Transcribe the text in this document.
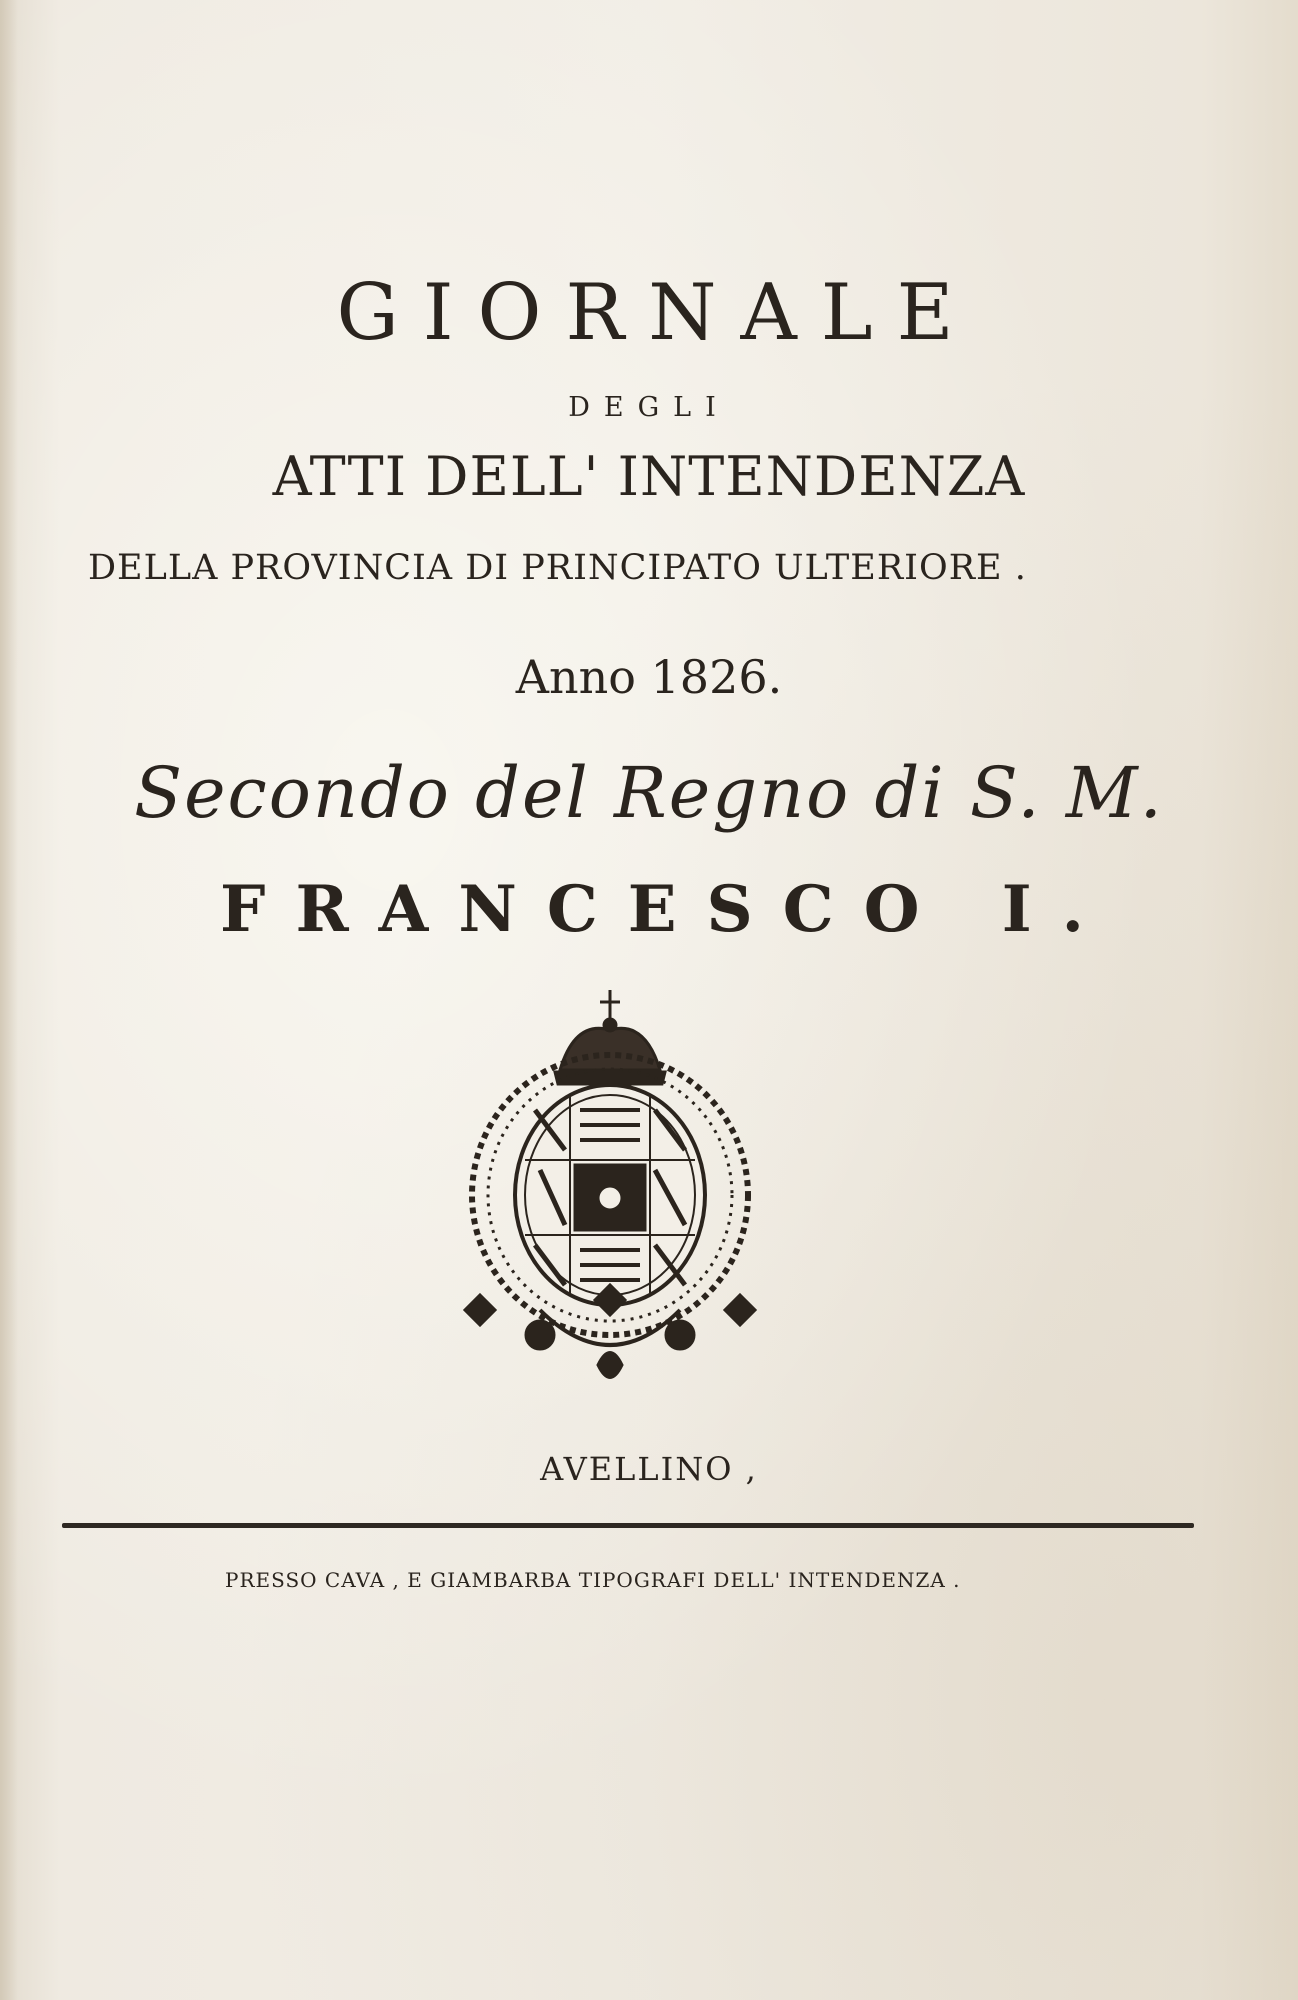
GIORNALE
DEGLI
ATTI DELL' INTENDENZA
DELLA PROVINCIA DI PRINCIPATO ULTERIORE .
Anno 1826.
Secondo del Regno di S. M.
FRANCESCO I.
AVELLINO ,
PRESSO CAVA , E GIAMBARBA TIPOGRAFI DELL' INTENDENZA .
